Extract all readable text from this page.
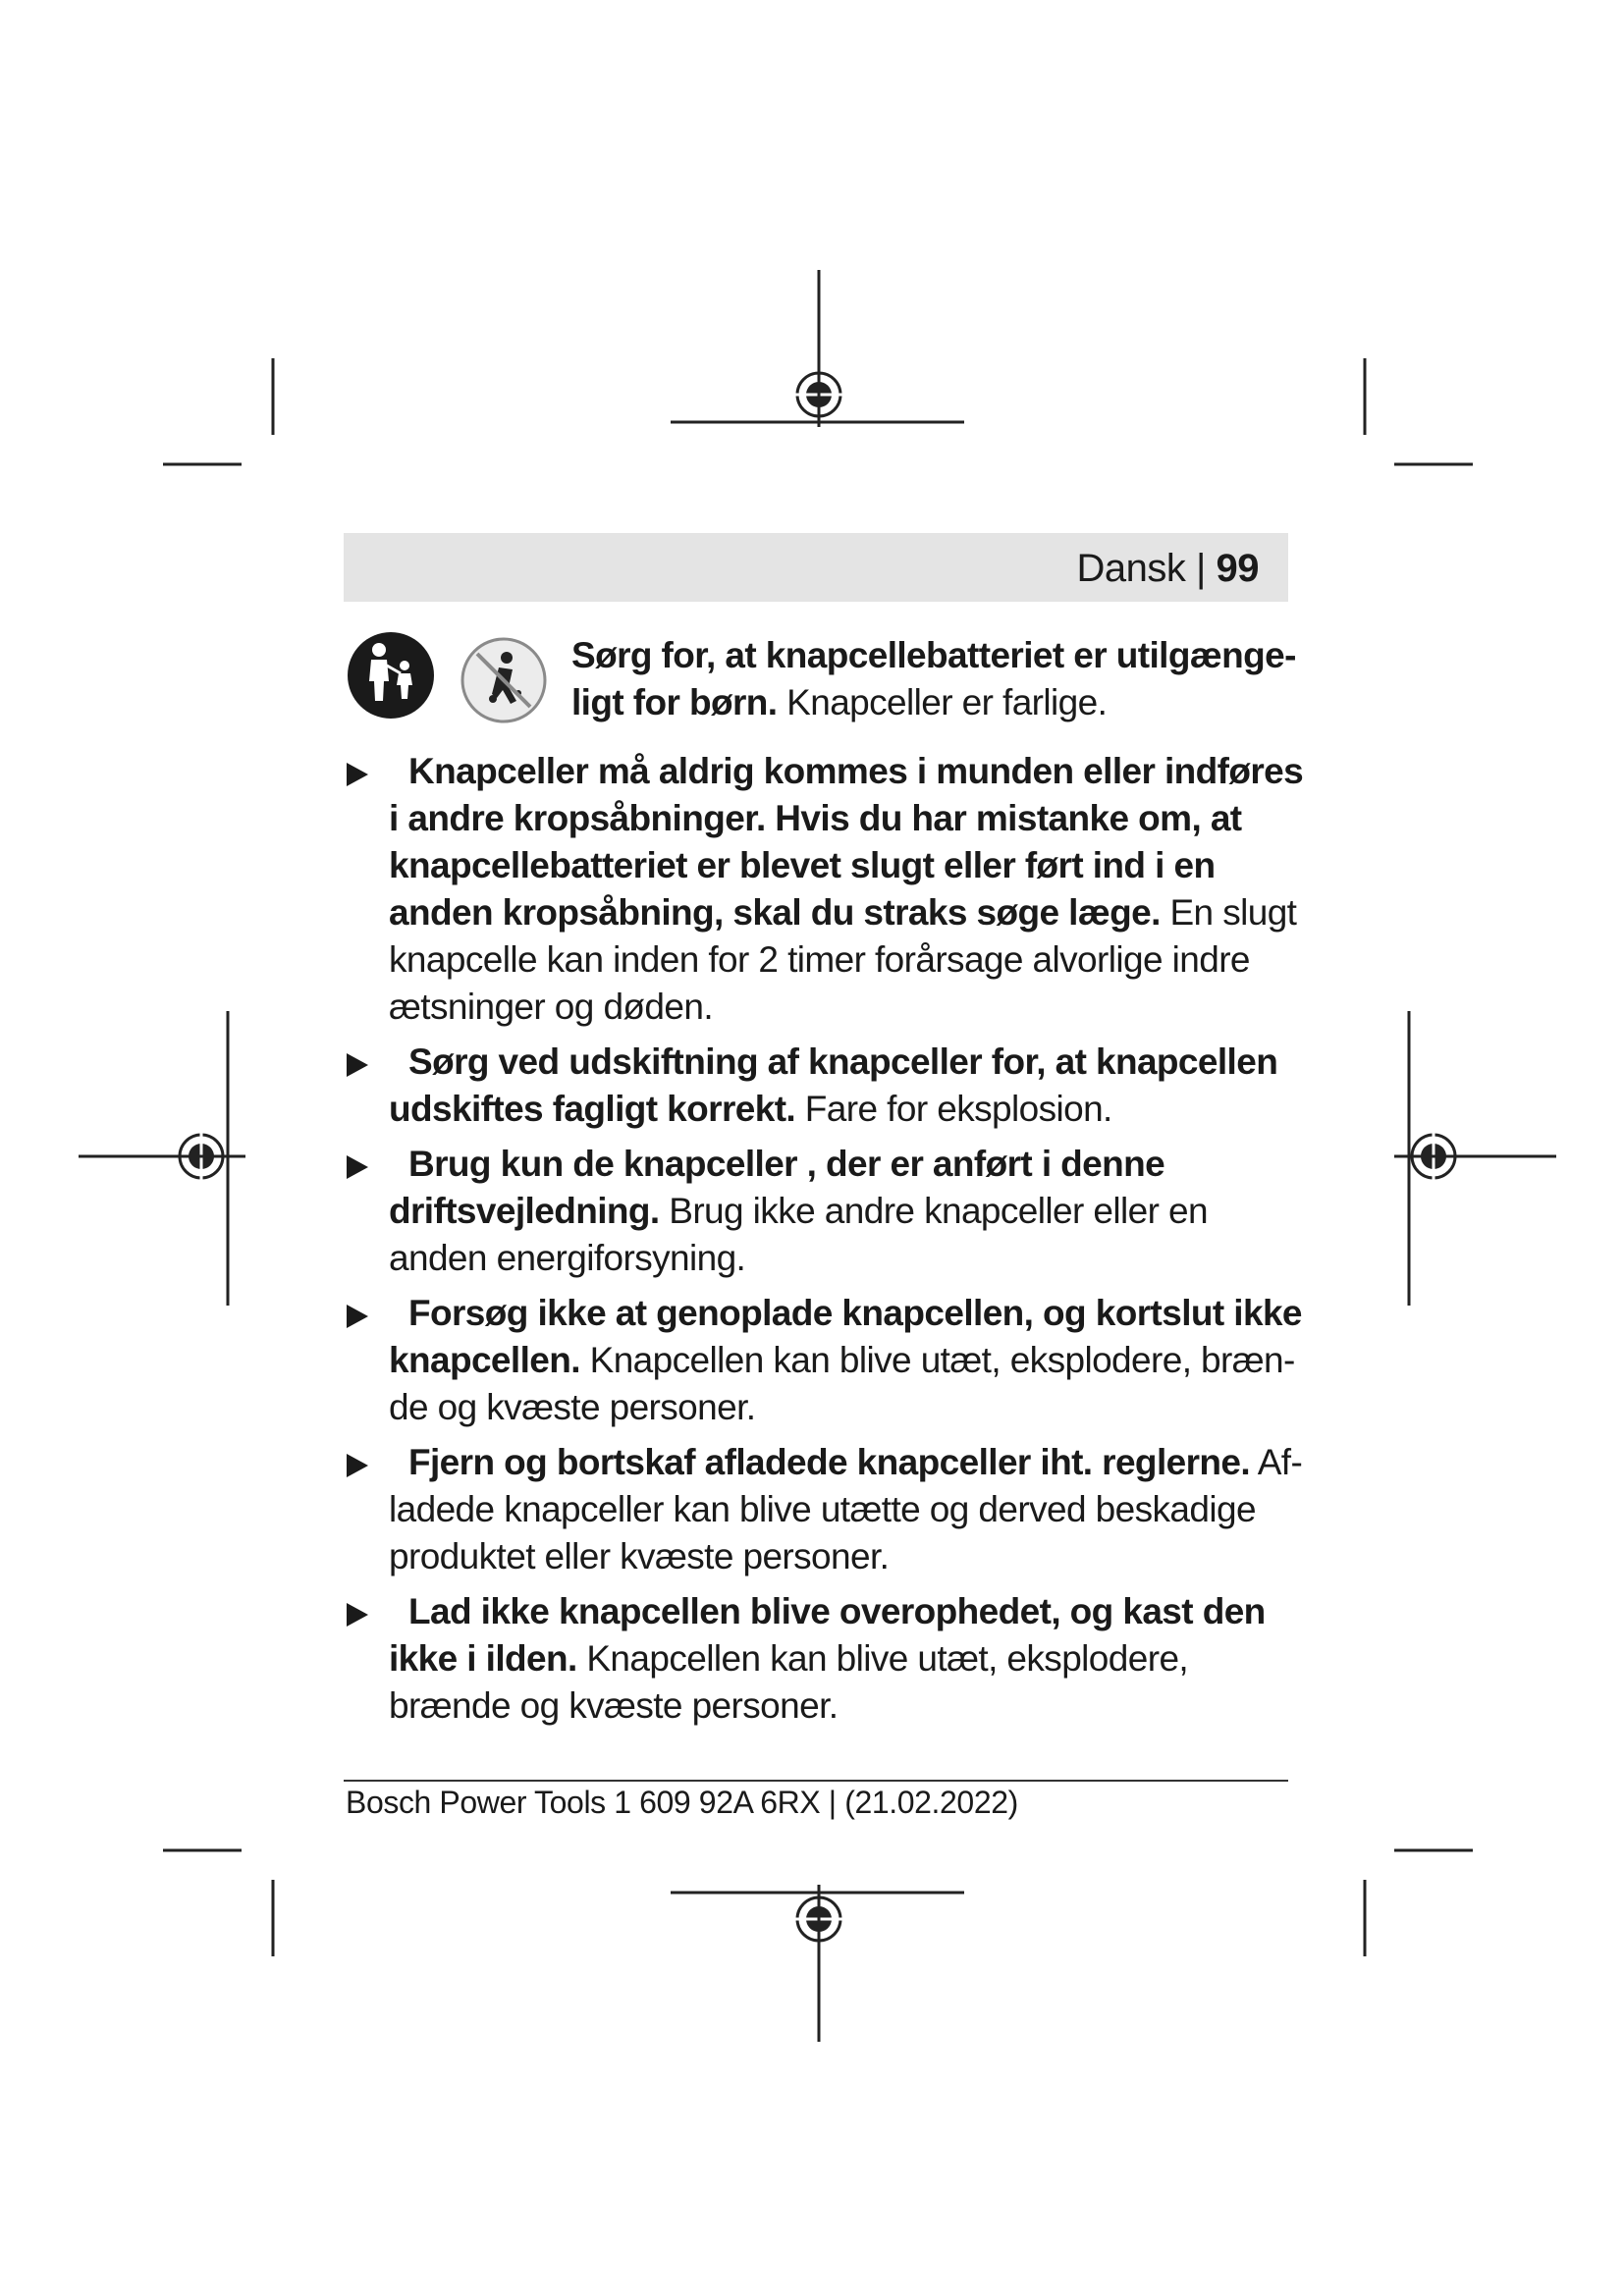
Dansk | 99
Sørg for, at knapcellebatteriet er utilgængeligt for børn. Knapceller er farlige.
Knapceller må aldrig kommes i munden eller indføres i andre kropsåbninger. Hvis du har mistanke om, at knapcellebatteriet er blevet slugt eller ført ind i en anden kropsåbning, skal du straks søge læge. En slugt knapcelle kan inden for 2 timer forårsage alvorlige indre ætsninger og døden.
Sørg ved udskiftning af knapceller for, at knapcellen udskiftes fagligt korrekt. Fare for eksplosion.
Brug kun de knapceller , der er anført i denne driftsvejledning. Brug ikke andre knapceller eller en anden energiforsyning.
Forsøg ikke at genoplade knapcellen, og kortslut ikke knapcellen. Knapcellen kan blive utæt, eksplodere, brænde og kvæste personer.
Fjern og bortskaf afladede knapceller iht. reglerne. Afladede knapceller kan blive utætte og derved beskadige produktet eller kvæste personer.
Lad ikke knapcellen blive overophedet, og kast den ikke i ilden. Knapcellen kan blive utæt, eksplodere, brænde og kvæste personer.
Bosch Power Tools 1 609 92A 6RX | (21.02.2022)
